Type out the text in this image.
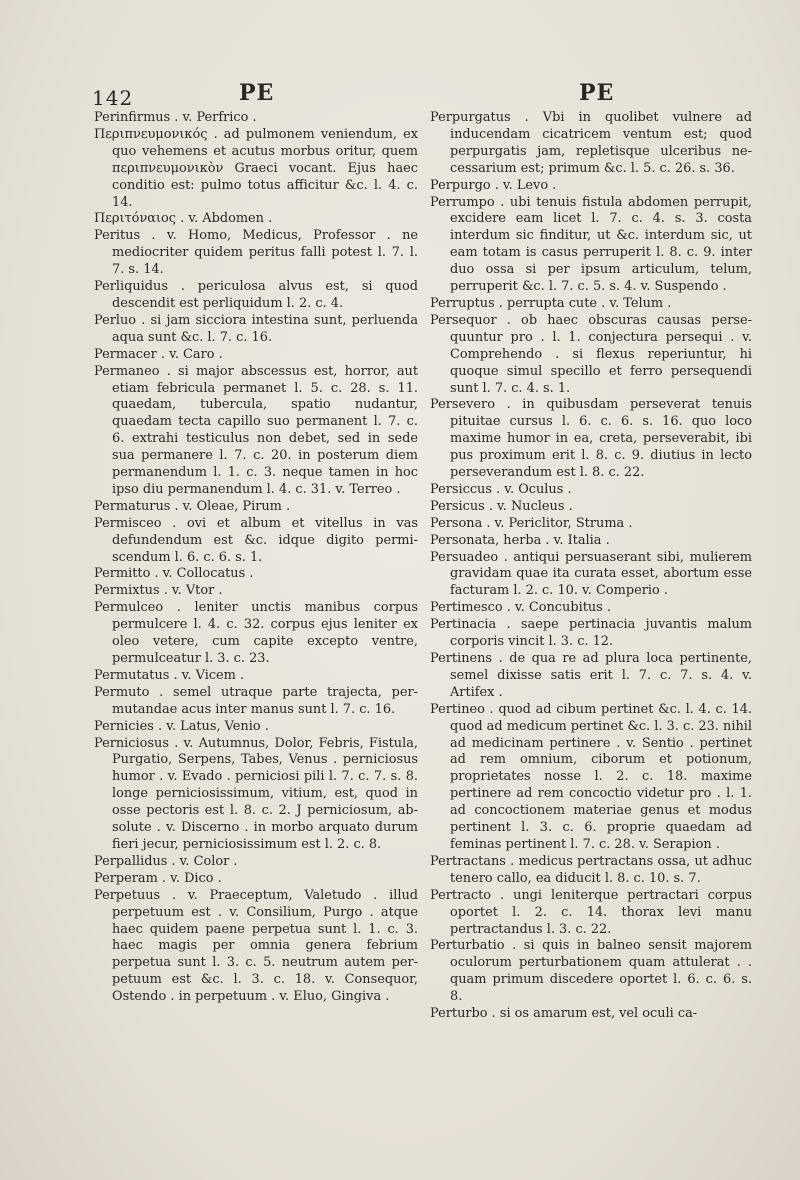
142	PE	PE

Perinfirmus . v. Perfrico .

Περιπνευμονικός . ad pulmonem veniendum, ex quo vehemens et acutus morbus oritur, quem περιπνευμονικὸν Graeci vocant. Ejus haec conditio est: pulmo totus afficitur &c. l. 4. c. 14.

Περιτόναιος . v. Abdomen .

Peritus . v. Homo, Medicus, Professor . ne mediocriter quidem peritus falli potest l. 7. l. 7. s. 14.

Perliquidus . periculosa alvus est, si quod descendit est perliquidum l. 2. c. 4.

Perluo . si jam sicciora intestina sunt, perluenda aqua sunt &c. l. 7. c. 16.

Permacer . v. Caro .

Permaneo . si major abscessus est, horror, aut etiam febricula permanet l. 5. c. 28. s. 11. quaedam, tubercula, spatio nudantur, quaedam tecta capillo suo permanent l. 7. c. 6. extrahi testiculus non debet, sed in sede sua permanere l. 7. c. 20. in posterum diem permanendum l. 1. c. 3. neque tamen in hoc ipso diu permanendum l. 4. c. 31. v. Terreo .

Permaturus . v. Oleae, Pirum .

Permisceo . ovi et album et vitellus in vas defundendum est &c. idque digito permiscendum l. 6. c. 6. s. 1.

Permitto . v. Collocatus .

Permixtus . v. Vtor .

Permulceo . leniter unctis manibus corpus permulcere l. 4. c. 32. corpus ejus leniter ex oleo vetere, cum capite excepto ventre, permulceatur l. 3. c. 23.

Permutatus . v. Vicem .

Permuto . semel utraque parte trajecta, permutandae acus inter manus sunt l. 7. c. 16.

Pernicies . v. Latus, Venio .

Perniciosus . v. Autumnus, Dolor, Febris, Fistula, Purgatio, Serpens, Tabes, Venus . perniciosus humor . v. Evado . perniciosi pili l. 7. c. 7. s. 8. longe perniciosissimum, vitium, est, quod in osse pectoris est l. 8. c. 2. J perniciosum, absolute . v. Discerno . in morbo arquato durum fieri jecur, perniciosissimum est l. 2. c. 8.

Perpallidus . v. Color .

Perperam . v. Dico .

Perpetuus . v. Praeceptum, Valetudo . illud perpetuum est . v. Consilium, Purgo . atque haec quidem paene perpetua sunt l. 1. c. 3. haec magis per omnia genera febrium perpetua sunt l. 3. c. 5. neutrum autem perpetuum est &c. l. 3. c. 18. v. Consequor, Ostendo . in perpetuum . v. Eluo, Gingiva .

Perpurgatus . Vbi in quolibet vulnere ad inducendam cicatricem ventum est; quod perpurgatis jam, repletisque ulceribus necessarium est; primum &c. l. 5. c. 26. s. 36.

Perpurgo . v. Levo .

Perrumpo . ubi tenuis fistula abdomen perrupit, excidere eam licet l. 7. c. 4. s. 3. costa interdum sic finditur, ut &c. interdum sic, ut eam totam is casus perruperit l. 8. c. 9. inter duo ossa si per ipsum articulum, telum, perruperit &c. l. 7. c. 5. s. 4. v. Suspendo .

Perruptus . perrupta cute . v. Telum .

Persequor . ob haec obscuras causas persequuntur pro . l. 1. conjectura persequi . v. Comprehendo . si flexus reperiuntur, hi quoque simul specillo et ferro persequendi sunt l. 7. c. 4. s. 1.

Persevero . in quibusdam perseverat tenuis pituitae cursus l. 6. c. 6. s. 16. quo loco maxime humor in ea, creta, perseverabit, ibi pus proximum erit l. 8. c. 9. diutius in lecto perseverandum est l. 8. c. 22.

Persiccus . v. Oculus .

Persicus . v. Nucleus .

Persona . v. Periclitor, Struma .

Personata, herba . v. Italia .

Persuadeo . antiqui persuaserant sibi, mulierem gravidam quae ita curata esset, abortum esse facturam l. 2. c. 10. v. Comperio .

Pertimesco . v. Concubitus .

Pertinacia . saepe pertinacia juvantis malum corporis vincit l. 3. c. 12.

Pertinens . de qua re ad plura loca pertinente, semel dixisse satis erit l. 7. c. 7. s. 4. v. Artifex .

Pertineo . quod ad cibum pertinet &c. l. 4. c. 14. quod ad medicum pertinet &c. l. 3. c. 23. nihil ad medicinam pertinere . v. Sentio . pertinet ad rem omnium, ciborum et potionum, proprietates nosse l. 2. c. 18. maxime pertinere ad rem concoctio videtur pro . l. 1. ad concoctionem materiae genus et modus pertinent l. 3. c. 6. proprie quaedam ad feminas pertinent l. 7. c. 28. v. Serapion .

Pertractans . medicus pertractans ossa, ut adhuc tenero callo, ea diducit l. 8. c. 10. s. 7.

Pertracto . ungi leniterque pertractari corpus oportet l. 2. c. 14. thorax levi manu pertractandus l. 3. c. 22.

Perturbatio . si quis in balneo sensit majorem oculorum perturbationem quam attulerat . . quam primum discedere oportet l. 6. c. 6. s. 8.

Perturbo . si os amarum est, vel oculi ca-
